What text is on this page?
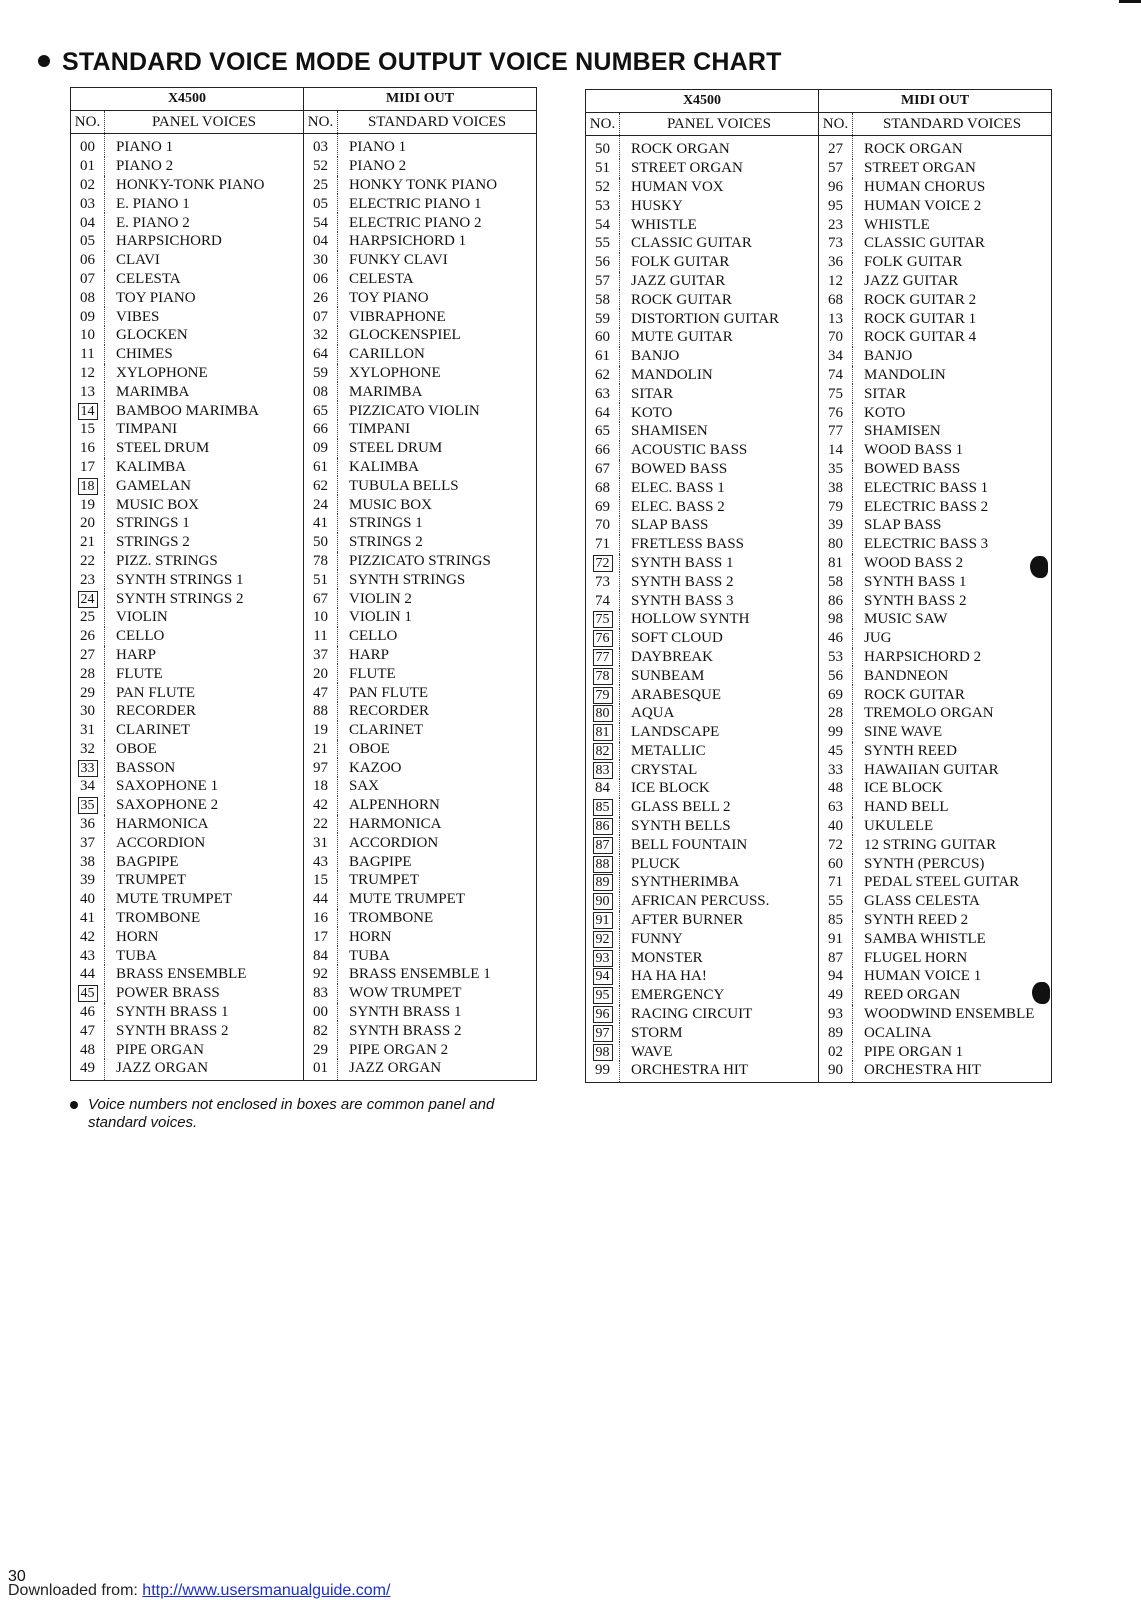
STANDARD VOICE MODE OUTPUT VOICE NUMBER CHART
X4500		MIDI OUT	
NO.	PANEL VOICES	NO.	STANDARD VOICES
00	PIANO 1	03	PIANO 1
01	PIANO 2	52	PIANO 2
02	HONKY-TONK PIANO	25	HONKY TONK PIANO
03	E. PIANO 1	05	ELECTRIC PIANO 1
04	E. PIANO 2	54	ELECTRIC PIANO 2
05	HARPSICHORD	04	HARPSICHORD 1
06	CLAVI	30	FUNKY CLAVI
07	CELESTA	06	CELESTA
08	TOY PIANO	26	TOY PIANO
09	VIBES	07	VIBRAPHONE
10	GLOCKEN	32	GLOCKENSPIEL
11	CHIMES	64	CARILLON
12	XYLOPHONE	59	XYLOPHONE
13	MARIMBA	08	MARIMBA
14	BAMBOO MARIMBA	65	PIZZICATO VIOLIN
15	TIMPANI	66	TIMPANI
16	STEEL DRUM	09	STEEL DRUM
17	KALIMBA	61	KALIMBA
18	GAMELAN	62	TUBULA BELLS
19	MUSIC BOX	24	MUSIC BOX
20	STRINGS 1	41	STRINGS 1
21	STRINGS 2	50	STRINGS 2
22	PIZZ. STRINGS	78	PIZZICATO STRINGS
23	SYNTH STRINGS 1	51	SYNTH STRINGS
24	SYNTH STRINGS 2	67	VIOLIN 2
25	VIOLIN	10	VIOLIN 1
26	CELLO	11	CELLO
27	HARP	37	HARP
28	FLUTE	20	FLUTE
29	PAN FLUTE	47	PAN FLUTE
30	RECORDER	88	RECORDER
31	CLARINET	19	CLARINET
32	OBOE	21	OBOE
33	BASSON	97	KAZOO
34	SAXOPHONE 1	18	SAX
35	SAXOPHONE 2	42	ALPENHORN
36	HARMONICA	22	HARMONICA
37	ACCORDION	31	ACCORDION
38	BAGPIPE	43	BAGPIPE
39	TRUMPET	15	TRUMPET
40	MUTE TRUMPET	44	MUTE TRUMPET
41	TROMBONE	16	TROMBONE
42	HORN	17	HORN
43	TUBA	84	TUBA
44	BRASS ENSEMBLE	92	BRASS ENSEMBLE 1
45	POWER BRASS	83	WOW TRUMPET
46	SYNTH BRASS 1	00	SYNTH BRASS 1
47	SYNTH BRASS 2	82	SYNTH BRASS 2
48	PIPE ORGAN	29	PIPE ORGAN 2
49	JAZZ ORGAN	01	JAZZ ORGAN
X4500		MIDI OUT	
NO.	PANEL VOICES	NO.	STANDARD VOICES
50	ROCK ORGAN	27	ROCK ORGAN
51	STREET ORGAN	57	STREET ORGAN
52	HUMAN VOX	96	HUMAN CHORUS
53	HUSKY	95	HUMAN VOICE 2
54	WHISTLE	23	WHISTLE
55	CLASSIC GUITAR	73	CLASSIC GUITAR
56	FOLK GUITAR	36	FOLK GUITAR
57	JAZZ GUITAR	12	JAZZ GUITAR
58	ROCK GUITAR	68	ROCK GUITAR 2
59	DISTORTION GUITAR	13	ROCK GUITAR 1
60	MUTE GUITAR	70	ROCK GUITAR 4
61	BANJO	34	BANJO
62	MANDOLIN	74	MANDOLIN
63	SITAR	75	SITAR
64	KOTO	76	KOTO
65	SHAMISEN	77	SHAMISEN
66	ACOUSTIC BASS	14	WOOD BASS 1
67	BOWED BASS	35	BOWED BASS
68	ELEC. BASS 1	38	ELECTRIC BASS 1
69	ELEC. BASS 2	79	ELECTRIC BASS 2
70	SLAP BASS	39	SLAP BASS
71	FRETLESS BASS	80	ELECTRIC BASS 3
72	SYNTH BASS 1	81	WOOD BASS 2
73	SYNTH BASS 2	58	SYNTH BASS 1
74	SYNTH BASS 3	86	SYNTH BASS 2
75	HOLLOW SYNTH	98	MUSIC SAW
76	SOFT CLOUD	46	JUG
77	DAYBREAK	53	HARPSICHORD 2
78	SUNBEAM	56	BANDNEON
79	ARABESQUE	69	ROCK GUITAR
80	AQUA	28	TREMOLO ORGAN
81	LANDSCAPE	99	SINE WAVE
82	METALLIC	45	SYNTH REED
83	CRYSTAL	33	HAWAIIAN GUITAR
84	ICE BLOCK	48	ICE BLOCK
85	GLASS BELL 2	63	HAND BELL
86	SYNTH BELLS	40	UKULELE
87	BELL FOUNTAIN	72	12 STRING GUITAR
88	PLUCK	60	SYNTH (PERCUS)
89	SYNTHERIMBA	71	PEDAL STEEL GUITAR
90	AFRICAN PERCUSS.	55	GLASS CELESTA
91	AFTER BURNER	85	SYNTH REED 2
92	FUNNY	91	SAMBA WHISTLE
93	MONSTER	87	FLUGEL HORN
94	HA HA HA!	94	HUMAN VOICE 1
95	EMERGENCY	49	REED ORGAN
96	RACING CIRCUIT	93	WOODWIND ENSEMBLE
97	STORM	89	OCALINA
98	WAVE	02	PIPE ORGAN 1
99	ORCHESTRA HIT	90	ORCHESTRA HIT
Voice numbers not enclosed in boxes are common panel and standard voices.
30
Downloaded from: http://www.usersmanualguide.com/
